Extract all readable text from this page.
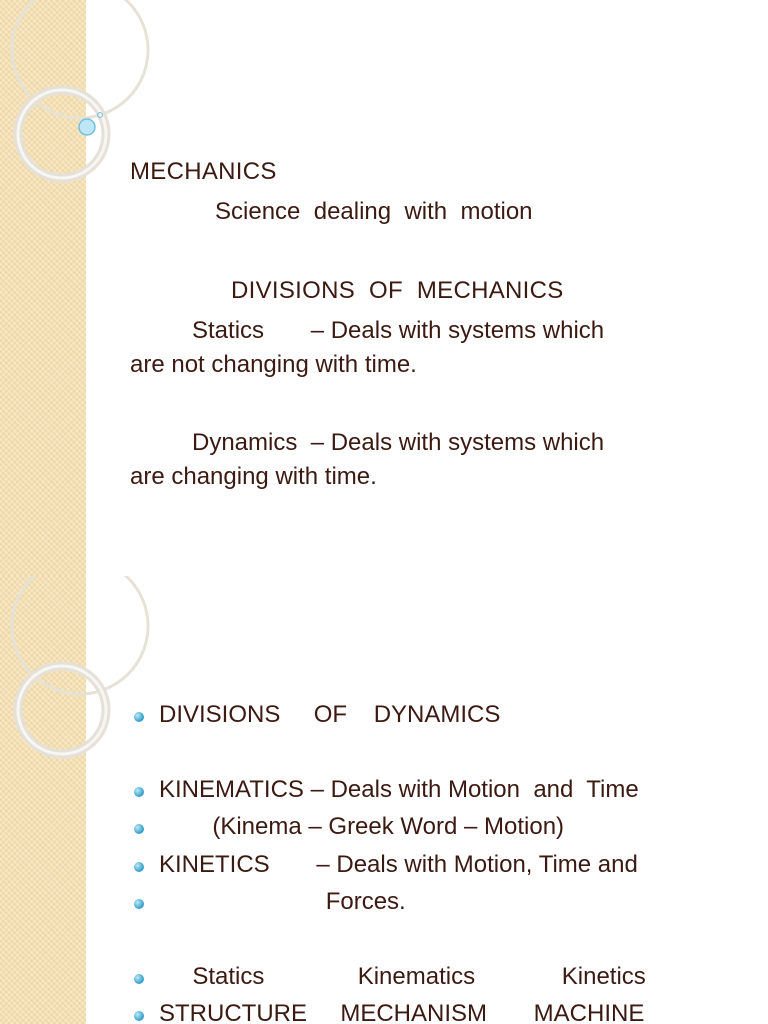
MECHANICS
Science  dealing  with  motion
DIVISIONS  OF  MECHANICS
Statics       – Deals with systems which
are not changing with time.
Dynamics  – Deals with systems which
are changing with time.
DIVISIONS     OF    DYNAMICS
KINEMATICS – Deals with Motion  and  Time
(Kinema – Greek Word – Motion)
KINETICS       – Deals with Motion, Time and
Forces.
Statics              Kinematics             Kinetics
STRUCTURE     MECHANISM       MACHINE
